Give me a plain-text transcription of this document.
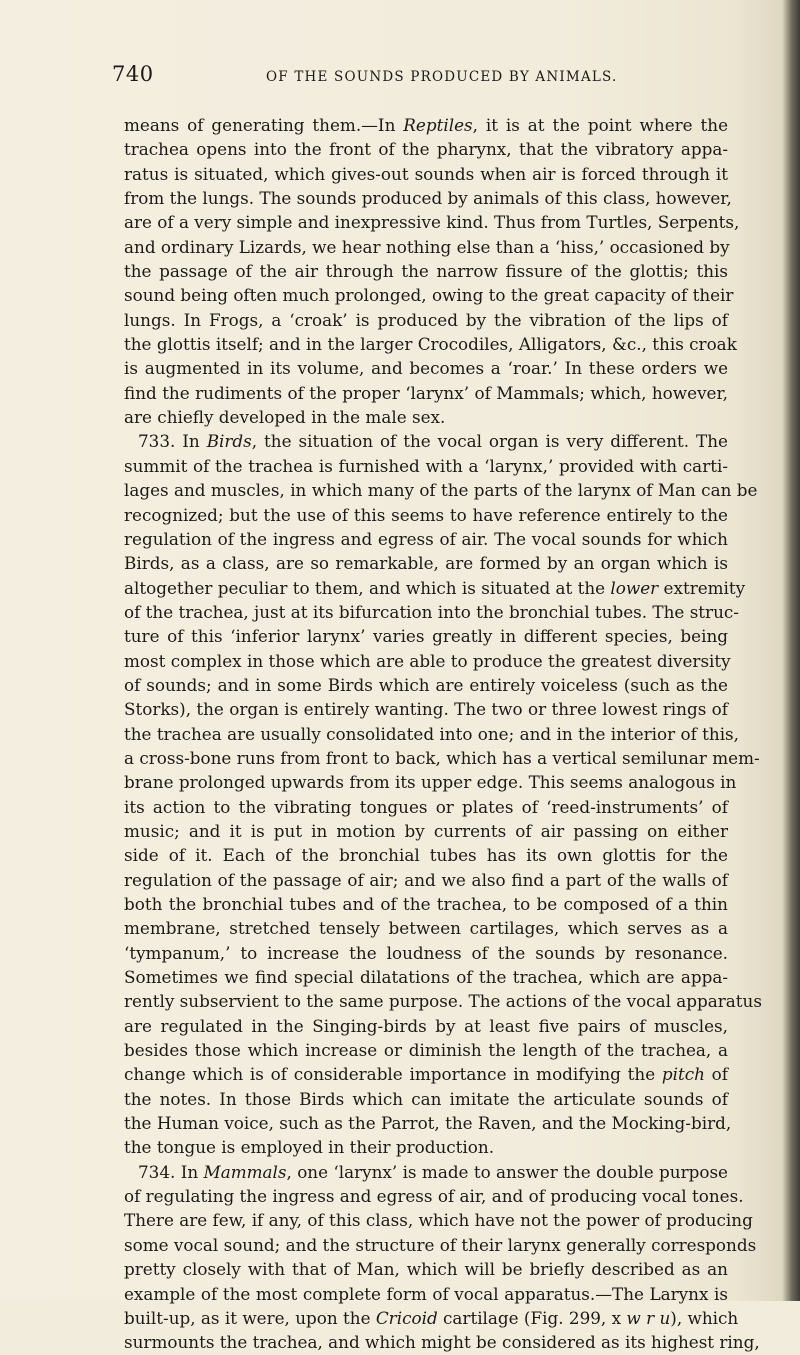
740	OF THE SOUNDS PRODUCED BY ANIMALS.
means of generating them.—In Reptiles, it is at the point where the
trachea opens into the front of the pharynx, that the vibratory appa-
ratus is situated, which gives-out sounds when air is forced through it
from the lungs. The sounds produced by animals of this class, however,
are of a very simple and inexpressive kind. Thus from Turtles, Serpents,
and ordinary Lizards, we hear nothing else than a ‘hiss,’ occasioned by
the passage of the air through the narrow fissure of the glottis; this
sound being often much prolonged, owing to the great capacity of their
lungs. In Frogs, a ‘croak’ is produced by the vibration of the lips of
the glottis itself; and in the larger Crocodiles, Alligators, &c., this croak
is augmented in its volume, and becomes a ‘roar.’ In these orders we
find the rudiments of the proper ‘larynx’ of Mammals; which, however,
are chiefly developed in the male sex.
733. In Birds, the situation of the vocal organ is very different. The
summit of the trachea is furnished with a ‘larynx,’ provided with carti-
lages and muscles, in which many of the parts of the larynx of Man can be
recognized; but the use of this seems to have reference entirely to the
regulation of the ingress and egress of air. The vocal sounds for which
Birds, as a class, are so remarkable, are formed by an organ which is
altogether peculiar to them, and which is situated at the lower extremity
of the trachea, just at its bifurcation into the bronchial tubes. The struc-
ture of this ‘inferior larynx’ varies greatly in different species, being
most complex in those which are able to produce the greatest diversity
of sounds; and in some Birds which are entirely voiceless (such as the
Storks), the organ is entirely wanting. The two or three lowest rings of
the trachea are usually consolidated into one; and in the interior of this,
a cross-bone runs from front to back, which has a vertical semilunar mem-
brane prolonged upwards from its upper edge. This seems analogous in
its action to the vibrating tongues or plates of ‘reed-instruments’ of
music; and it is put in motion by currents of air passing on either
side of it. Each of the bronchial tubes has its own glottis for the
regulation of the passage of air; and we also find a part of the walls of
both the bronchial tubes and of the trachea, to be composed of a thin
membrane, stretched tensely between cartilages, which serves as a
‘tympanum,’ to increase the loudness of the sounds by resonance.
Sometimes we find special dilatations of the trachea, which are appa-
rently subservient to the same purpose. The actions of the vocal apparatus
are regulated in the Singing-birds by at least five pairs of muscles,
besides those which increase or diminish the length of the trachea, a
change which is of considerable importance in modifying the pitch of
the notes. In those Birds which can imitate the articulate sounds of
the Human voice, such as the Parrot, the Raven, and the Mocking-bird,
the tongue is employed in their production.
734. In Mammals, one ‘larynx’ is made to answer the double purpose
of regulating the ingress and egress of air, and of producing vocal tones.
There are few, if any, of this class, which have not the power of producing
some vocal sound; and the structure of their larynx generally corresponds
pretty closely with that of Man, which will be briefly described as an
example of the most complete form of vocal apparatus.—The Larynx is
built-up, as it were, upon the Cricoid cartilage (Fig. 299, x w r u), which
surmounts the trachea, and which might be considered as its highest ring,
